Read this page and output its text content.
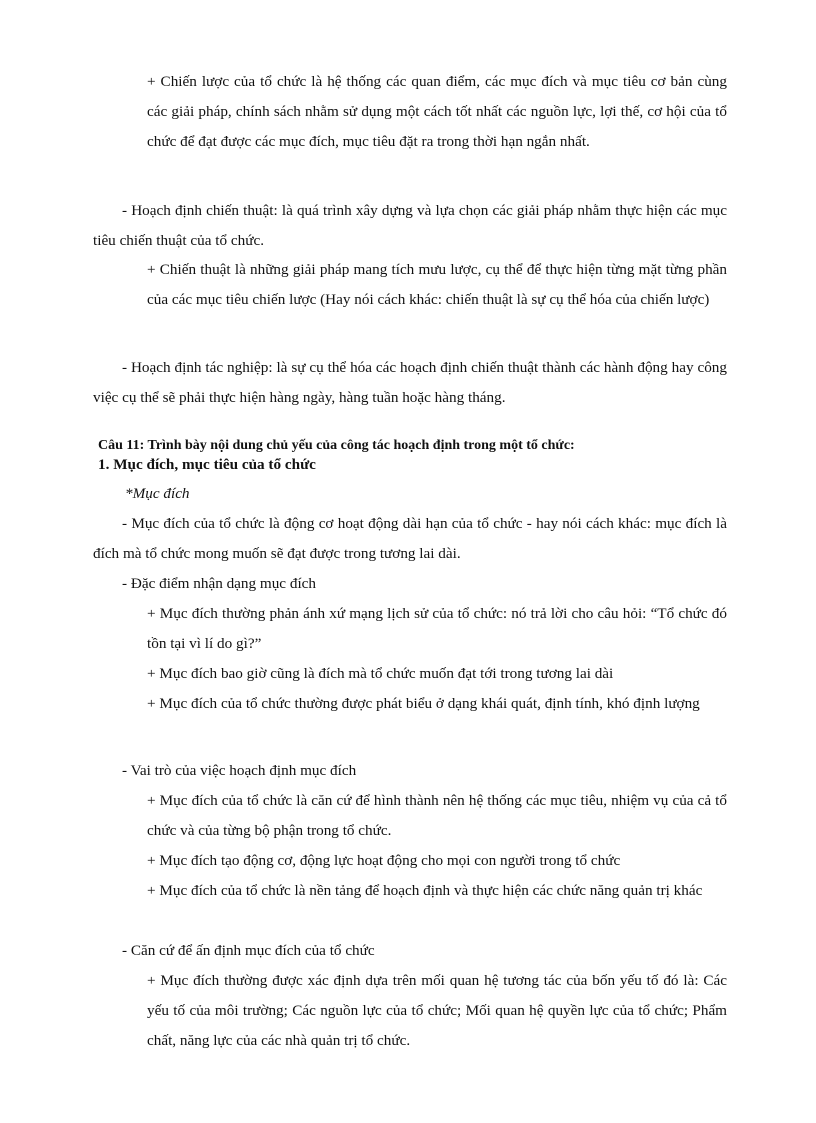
+ Chiến lược của tổ chức là hệ thống các quan điểm, các mục đích và mục tiêu cơ bản cùng các giải pháp, chính sách nhằm sử dụng một cách tốt nhất các nguồn lực, lợi thế, cơ hội của tổ chức để đạt được các mục đích, mục tiêu đặt ra trong thời hạn ngắn nhất.

- Hoạch định chiến thuật: là quá trình xây dựng và lựa chọn các giải pháp nhằm thực hiện các mục tiêu chiến thuật của tổ chức.

+ Chiến thuật là những giải pháp mang tích mưu lược, cụ thể để thực hiện từng mặt từng phần của các mục tiêu chiến lược (Hay nói cách khác: chiến thuật là sự cụ thể hóa của chiến lược)

- Hoạch định tác nghiệp: là sự cụ thể hóa các hoạch định chiến thuật thành các hành động hay công việc cụ thể sẽ phải thực hiện hàng ngày, hàng tuần hoặc hàng tháng.

Câu 11: Trình bày nội dung chủ yếu của công tác hoạch định trong một tổ chức:

1. Mục đích, mục tiêu của tổ chức

*Mục đích

- Mục đích của tổ chức là động cơ hoạt động dài hạn của tổ chức - hay nói cách khác: mục đích là đích mà tổ chức mong muốn sẽ đạt được trong tương lai dài.

- Đặc điểm nhận dạng mục đích

+ Mục đích thường phản ánh xứ mạng lịch sử của tổ chức: nó trả lời cho câu hỏi: “Tổ chức đó tồn tại vì lí do gì?”

+ Mục đích bao giờ cũng là đích mà tổ chức muốn đạt tới trong tương lai dài

+ Mục đích của tổ chức thường được phát biểu ở dạng khái quát, định tính, khó định lượng

- Vai trò của việc hoạch định mục đích

+ Mục đích của tổ chức là căn cứ để hình thành nên hệ thống các mục tiêu, nhiệm vụ của cả tổ chức và của từng bộ phận trong tổ chức.

+ Mục đích tạo động cơ, động lực hoạt động cho mọi con người trong tổ chức

+ Mục đích của tổ chức là nền tảng để hoạch định và thực hiện các chức năng quản trị khác

- Căn cứ để ấn định mục đích của tổ chức

+ Mục đích thường được xác định dựa trên mối quan hệ tương tác của bốn yếu tố đó là: Các yếu tố của môi trường; Các nguồn lực của tổ chức; Mối quan hệ quyền lực của tổ chức; Phẩm chất, năng lực của các nhà quản trị tổ chức.
